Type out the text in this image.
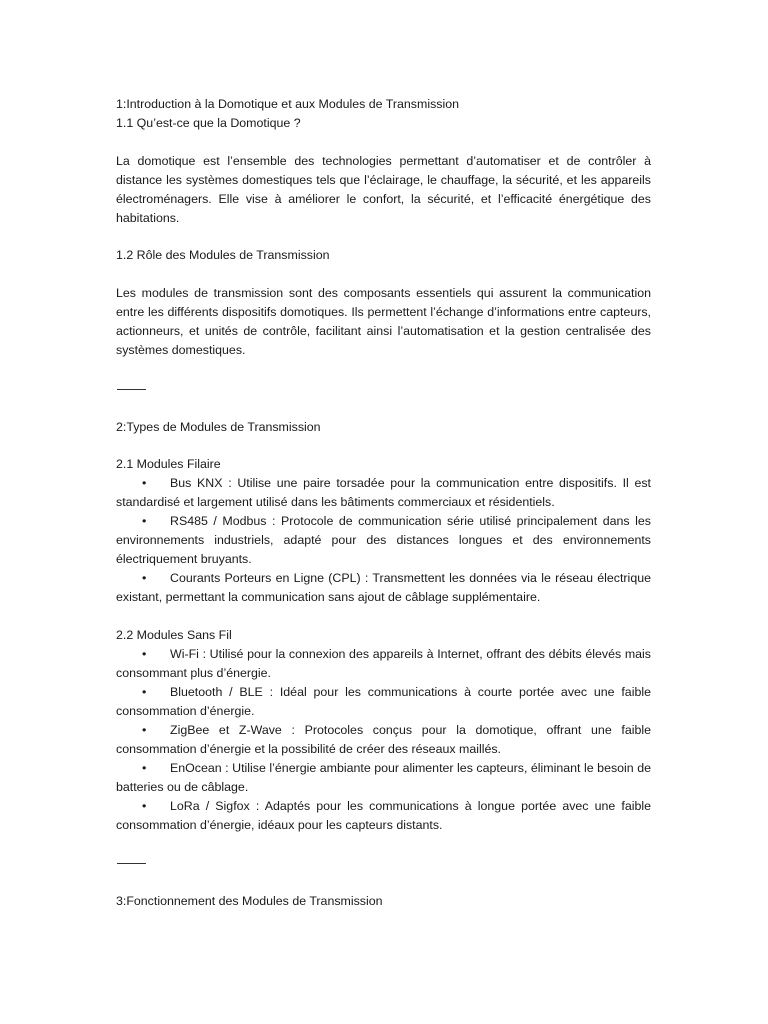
1:Introduction à la Domotique et aux Modules de Transmission
1.1 Qu’est-ce que la Domotique ?
La domotique est l’ensemble des technologies permettant d’automatiser et de contrôler à distance les systèmes domestiques tels que l’éclairage, le chauffage, la sécurité, et les appareils électroménagers. Elle vise à améliorer le confort, la sécurité, et l’efficacité énergétique des habitations.
1.2 Rôle des Modules de Transmission
Les modules de transmission sont des composants essentiels qui assurent la communication entre les différents dispositifs domotiques. Ils permettent l’échange d’informations entre capteurs, actionneurs, et unités de contrôle, facilitant ainsi l’automatisation et la gestion centralisée des systèmes domestiques.
2:Types de Modules de Transmission
2.1 Modules Filaire
• Bus KNX : Utilise une paire torsadée pour la communication entre dispositifs. Il est standardisé et largement utilisé dans les bâtiments commerciaux et résidentiels.
• RS485 / Modbus : Protocole de communication série utilisé principalement dans les environnements industriels, adapté pour des distances longues et des environnements électriquement bruyants.
• Courants Porteurs en Ligne (CPL) : Transmettent les données via le réseau électrique existant, permettant la communication sans ajout de câblage supplémentaire.
2.2 Modules Sans Fil
• Wi-Fi : Utilisé pour la connexion des appareils à Internet, offrant des débits élevés mais consommant plus d’énergie.
• Bluetooth / BLE : Idéal pour les communications à courte portée avec une faible consommation d’énergie.
• ZigBee et Z-Wave : Protocoles conçus pour la domotique, offrant une faible consommation d’énergie et la possibilité de créer des réseaux maillés.
• EnOcean : Utilise l’énergie ambiante pour alimenter les capteurs, éliminant le besoin de batteries ou de câblage.
• LoRa / Sigfox : Adaptés pour les communications à longue portée avec une faible consommation d’énergie, idéaux pour les capteurs distants.
3:Fonctionnement des Modules de Transmission
